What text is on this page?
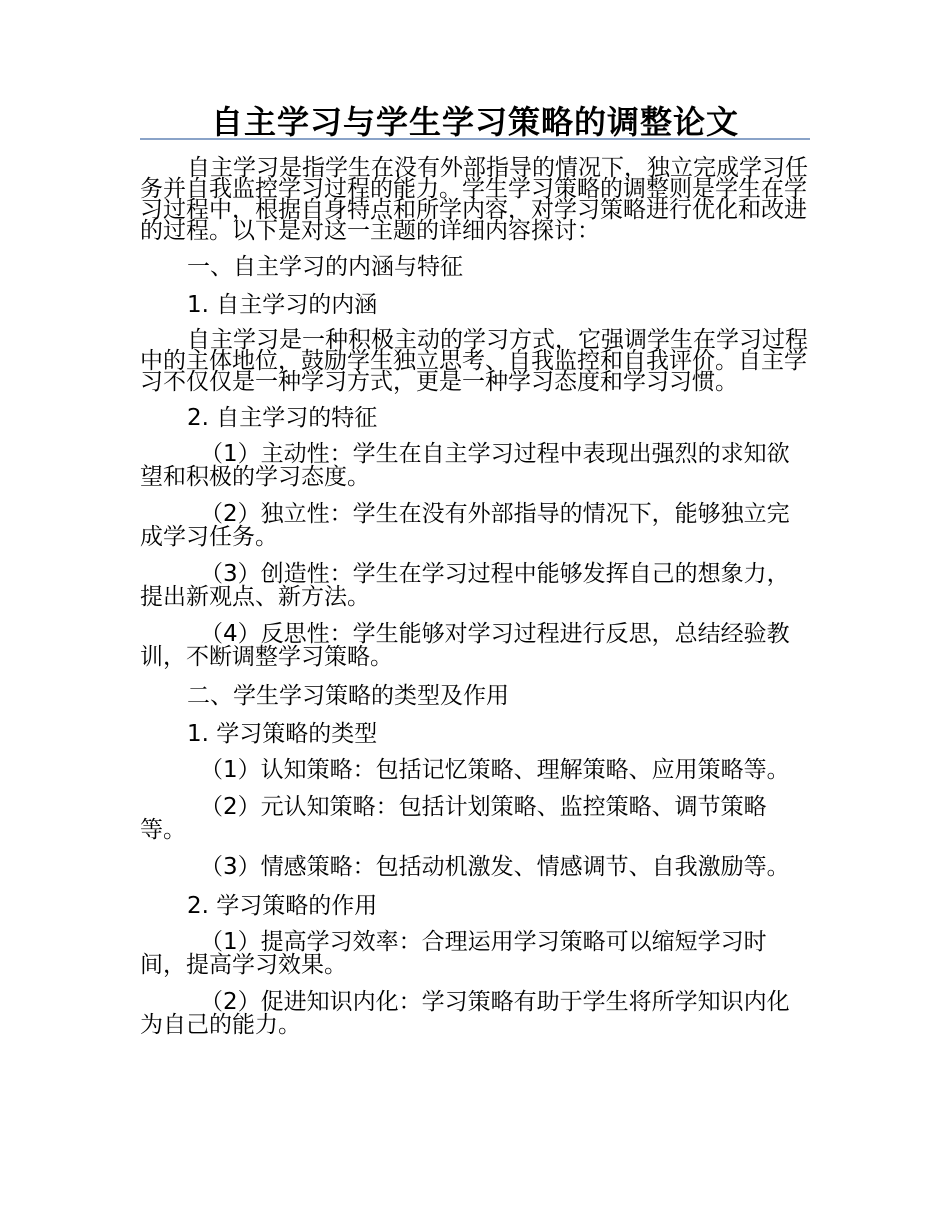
自主学习与学生学习策略的调整论文

自主学习是指学生在没有外部指导的情况下，独立完成学习任务并自我监控学习过程的能力。学生学习策略的调整则是学生在学习过程中，根据自身特点和所学内容，对学习策略进行优化和改进的过程。以下是对这一主题的详细内容探讨：

一、自主学习的内涵与特征

1. 自主学习的内涵

自主学习是一种积极主动的学习方式，它强调学生在学习过程中的主体地位，鼓励学生独立思考、自我监控和自我评价。自主学习不仅仅是一种学习方式，更是一种学习态度和学习习惯。

2. 自主学习的特征

（1）主动性：学生在自主学习过程中表现出强烈的求知欲望和积极的学习态度。

（2）独立性：学生在没有外部指导的情况下，能够独立完成学习任务。

（3）创造性：学生在学习过程中能够发挥自己的想象力，提出新观点、新方法。

（4）反思性：学生能够对学习过程进行反思，总结经验教训，不断调整学习策略。

二、学生学习策略的类型及作用

1. 学习策略的类型

（1）认知策略：包括记忆策略、理解策略、应用策略等。

（2）元认知策略：包括计划策略、监控策略、调节策略等。

（3）情感策略：包括动机激发、情感调节、自我激励等。

2. 学习策略的作用

（1）提高学习效率：合理运用学习策略可以缩短学习时间，提高学习效果。

（2）促进知识内化：学习策略有助于学生将所学知识内化为自己的能力。
